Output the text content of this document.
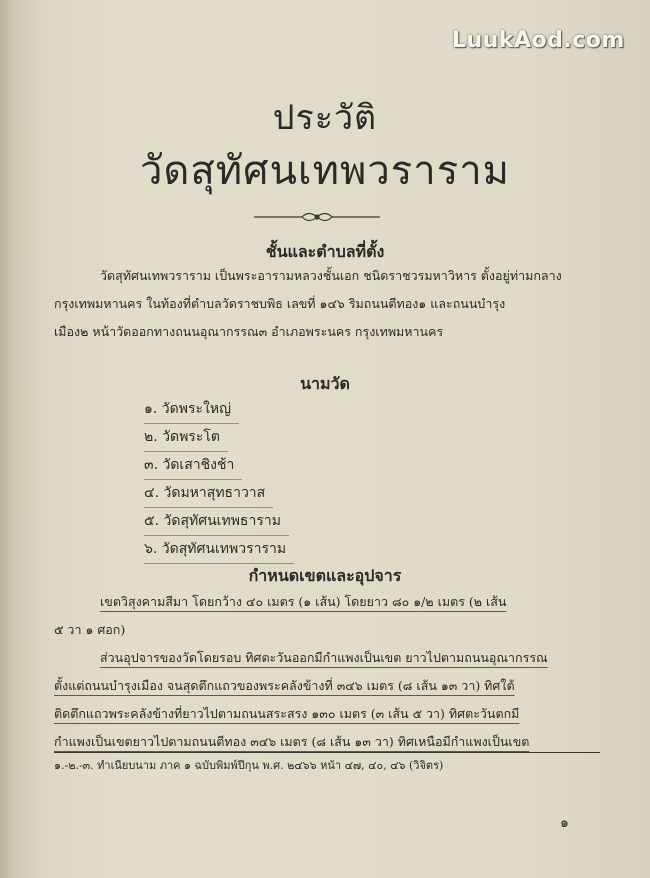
LuukAod.com
ประวัติ
วัดสุทัศนเทพวราราม
ชั้นและตำบลที่ตั้ง
วัดสุทัศนเทพวราราม เป็นพระอารามหลวงชั้นเอก ชนิดราชวรมหาวิหาร ตั้งอยู่ท่ามกลาง
กรุงเทพมหานคร ในท้องที่ตำบลวัดราชบพิธ เลขที่ ๑๔๖ ริมถนนตีทอง๑ และถนนบำรุง
เมือง๒ หน้าวัดออกทางถนนอุณากรรณ๓ อำเภอพระนคร กรุงเทพมหานคร
นามวัด
๑. วัดพระใหญ่
๒. วัดพระโต
๓. วัดเสาชิงช้า
๔. วัดมหาสุทธาวาส
๕. วัดสุทัศนเทพธาราม
๖. วัดสุทัศนเทพวราราม
กำหนดเขตและอุปจาร
เขตวิสุงคามสีมา โดยกว้าง ๔๐ เมตร (๑ เส้น) โดยยาว ๘๐ ๑/๒ เมตร (๒ เส้น
๕ วา ๑ ศอก)
ส่วนอุปจารของวัดโดยรอบ ทิศตะวันออกมีกำแพงเป็นเขต ยาวไปตามถนนอุณากรรณ
ตั้งแต่ถนนบำรุงเมือง จนสุดตึกแถวของพระคลังข้างที่ ๓๔๖ เมตร (๘ เส้น ๑๓ วา) ทิศใต้
ติดตึกแถวพระคลังข้างที่ยาวไปตามถนนสระสรง ๑๓๐ เมตร (๓ เส้น ๕ วา) ทิศตะวันตกมี
กำแพงเป็นเขตยาวไปตามถนนตีทอง ๓๔๖ เมตร (๘ เส้น ๑๓ วา) ทิศเหนือมีกำแพงเป็นเขต
๑.-๒.-๓. ทำเนียบนาม ภาค ๑ ฉบับพิมพ์ปีกุน พ.ศ. ๒๔๖๖ หน้า ๔๗, ๔๐, ๔๖ (วิจิตร)
๑
